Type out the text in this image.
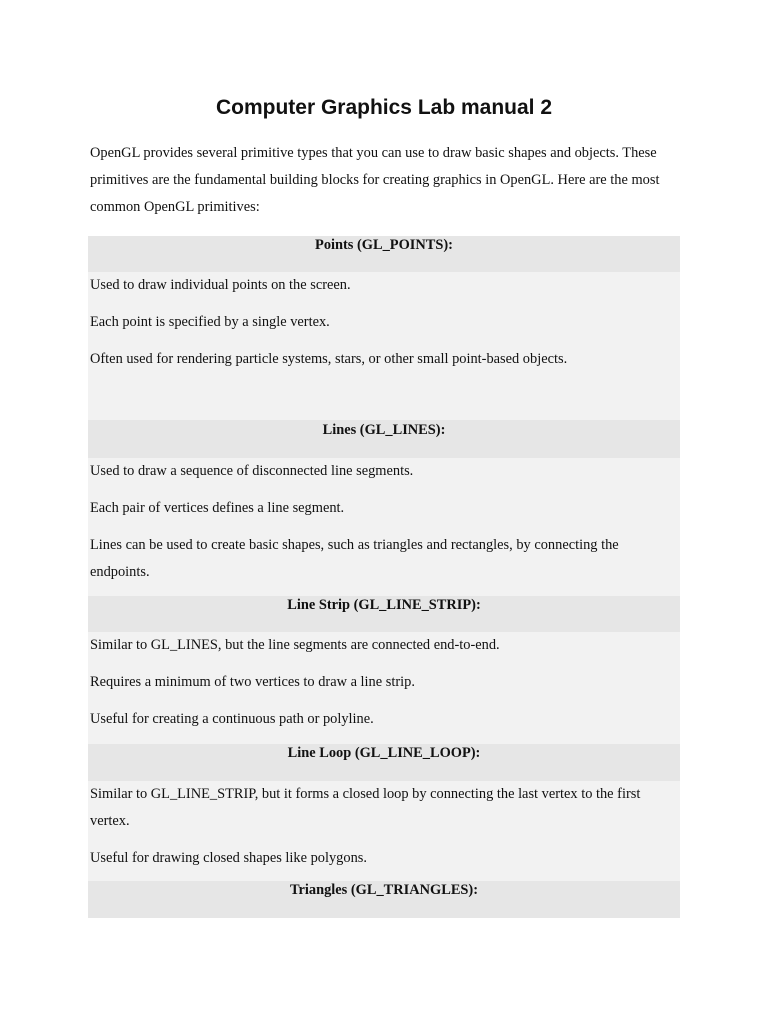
Computer Graphics Lab manual 2

OpenGL provides several primitive types that you can use to draw basic shapes and objects. These primitives are the fundamental building blocks for creating graphics in OpenGL. Here are the most common OpenGL primitives:

Points (GL_POINTS):

Used to draw individual points on the screen.

Each point is specified by a single vertex.

Often used for rendering particle systems, stars, or other small point-based objects.

Lines (GL_LINES):

Used to draw a sequence of disconnected line segments.

Each pair of vertices defines a line segment.

Lines can be used to create basic shapes, such as triangles and rectangles, by connecting the endpoints.

Line Strip (GL_LINE_STRIP):

Similar to GL_LINES, but the line segments are connected end-to-end.

Requires a minimum of two vertices to draw a line strip.

Useful for creating a continuous path or polyline.

Line Loop (GL_LINE_LOOP):

Similar to GL_LINE_STRIP, but it forms a closed loop by connecting the last vertex to the first vertex.

Useful for drawing closed shapes like polygons.

Triangles (GL_TRIANGLES):
